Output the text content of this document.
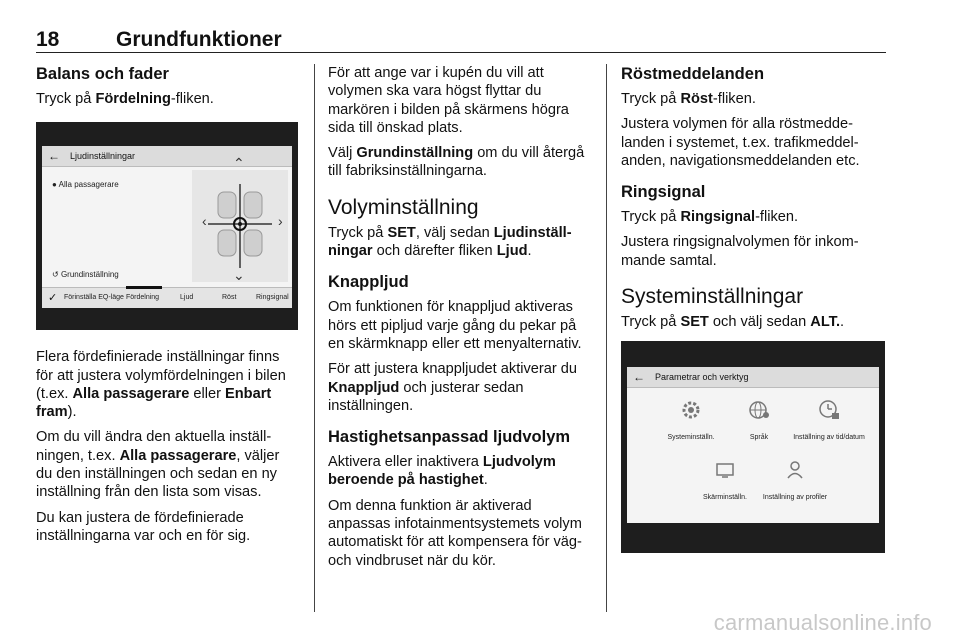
18	Grundfunktioner
Balans och fader

Tryck på Fördelning-fliken.

← Ljudinställningar
● Alla passagerare
↺ Grundinställning
⌃
⌄
‹	›
✓ Förinställa EQ-läge Fördelning	Ljud	Röst	Ringsignal

Flera fördefinierade inställningar finns för att justera volymfördelningen i bilen (t.ex. Alla passagerare eller Enbart fram).

Om du vill ändra den aktuella inställningen, t.ex. Alla passagerare, väljer du den inställningen och sedan en ny inställning från den lista som visas.

Du kan justera de fördefinierade inställningarna var och en för sig.

För att ange var i kupén du vill att volymen ska vara högst flyttar du markören i bilden på skärmens högra sida till önskad plats.

Välj Grundinställning om du vill återgå till fabriksinställningarna.

Volyminställning

Tryck på SET, välj sedan Ljudinställningar och därefter fliken Ljud.

Knappljud

Om funktionen för knappljud aktiveras hörs ett pipljud varje gång du pekar på en skärmknapp eller ett menyalternativ.

För att justera knappljudet aktiverar du Knappljud och justerar sedan inställningen.

Hastighetsanpassad ljudvolym

Aktivera eller inaktivera Ljudvolym beroende på hastighet.

Om denna funktion är aktiverad anpassas infotainmentsystemets volym automatiskt för att kompensera för väg- och vindbruset när du kör.

Röstmeddelanden

Tryck på Röst-fliken.

Justera volymen för alla röstmeddelanden i systemet, t.ex. trafikmeddelanden, navigationsmeddelanden etc.

Ringsignal

Tryck på Ringsignal-fliken.

Justera ringsignalvolymen för inkommande samtal.

Systeminställningar

Tryck på SET och välj sedan ALT..

← Parametrar och verktyg
Systeminställn.	Språk	Inställning av tid/datum
Skärminställn.	Inställning av profiler
carmanualsonline.info
